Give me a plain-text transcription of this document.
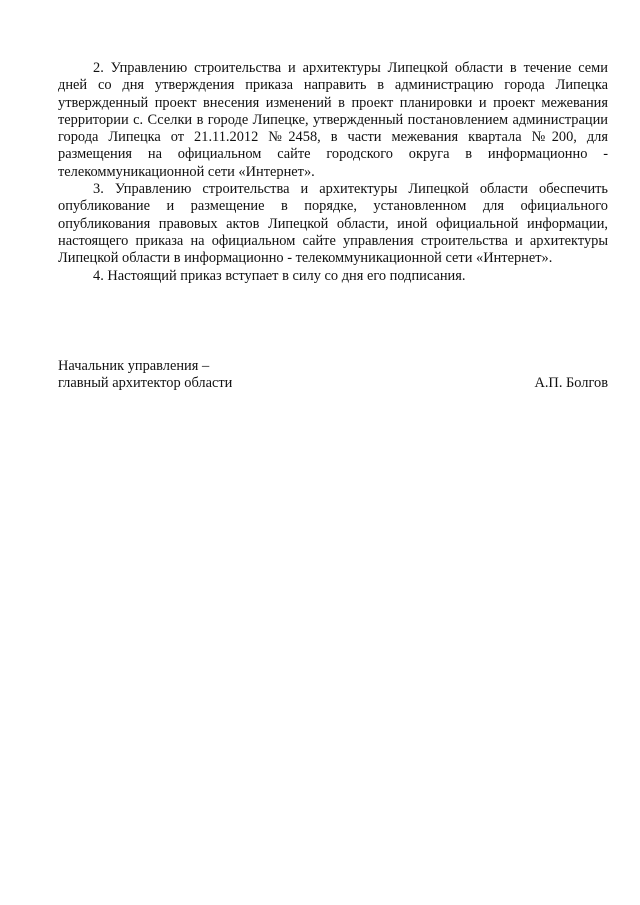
2. Управлению строительства и архитектуры Липецкой области в течение семи дней со дня утверждения приказа направить в администрацию города Липецка утвержденный проект внесения изменений в проект планировки и проект межевания территории с. Сселки в городе Липецке, утвержденный постановлением администрации города Липецка от 21.11.2012 №2458, в части межевания квартала №200, для размещения на официальном сайте городского округа в информационно - телекоммуникационной сети «Интернет».

3. Управлению строительства и архитектуры Липецкой области обеспечить опубликование и размещение в порядке, установленном для официального опубликования правовых актов Липецкой области, иной официальной информации, настоящего приказа на официальном сайте управления строительства и архитектуры Липецкой области в информационно - телекоммуникационной сети «Интернет».

4. Настоящий приказ вступает в силу со дня его подписания.

Начальник управления –
главный архитектор области	А.П. Болгов
